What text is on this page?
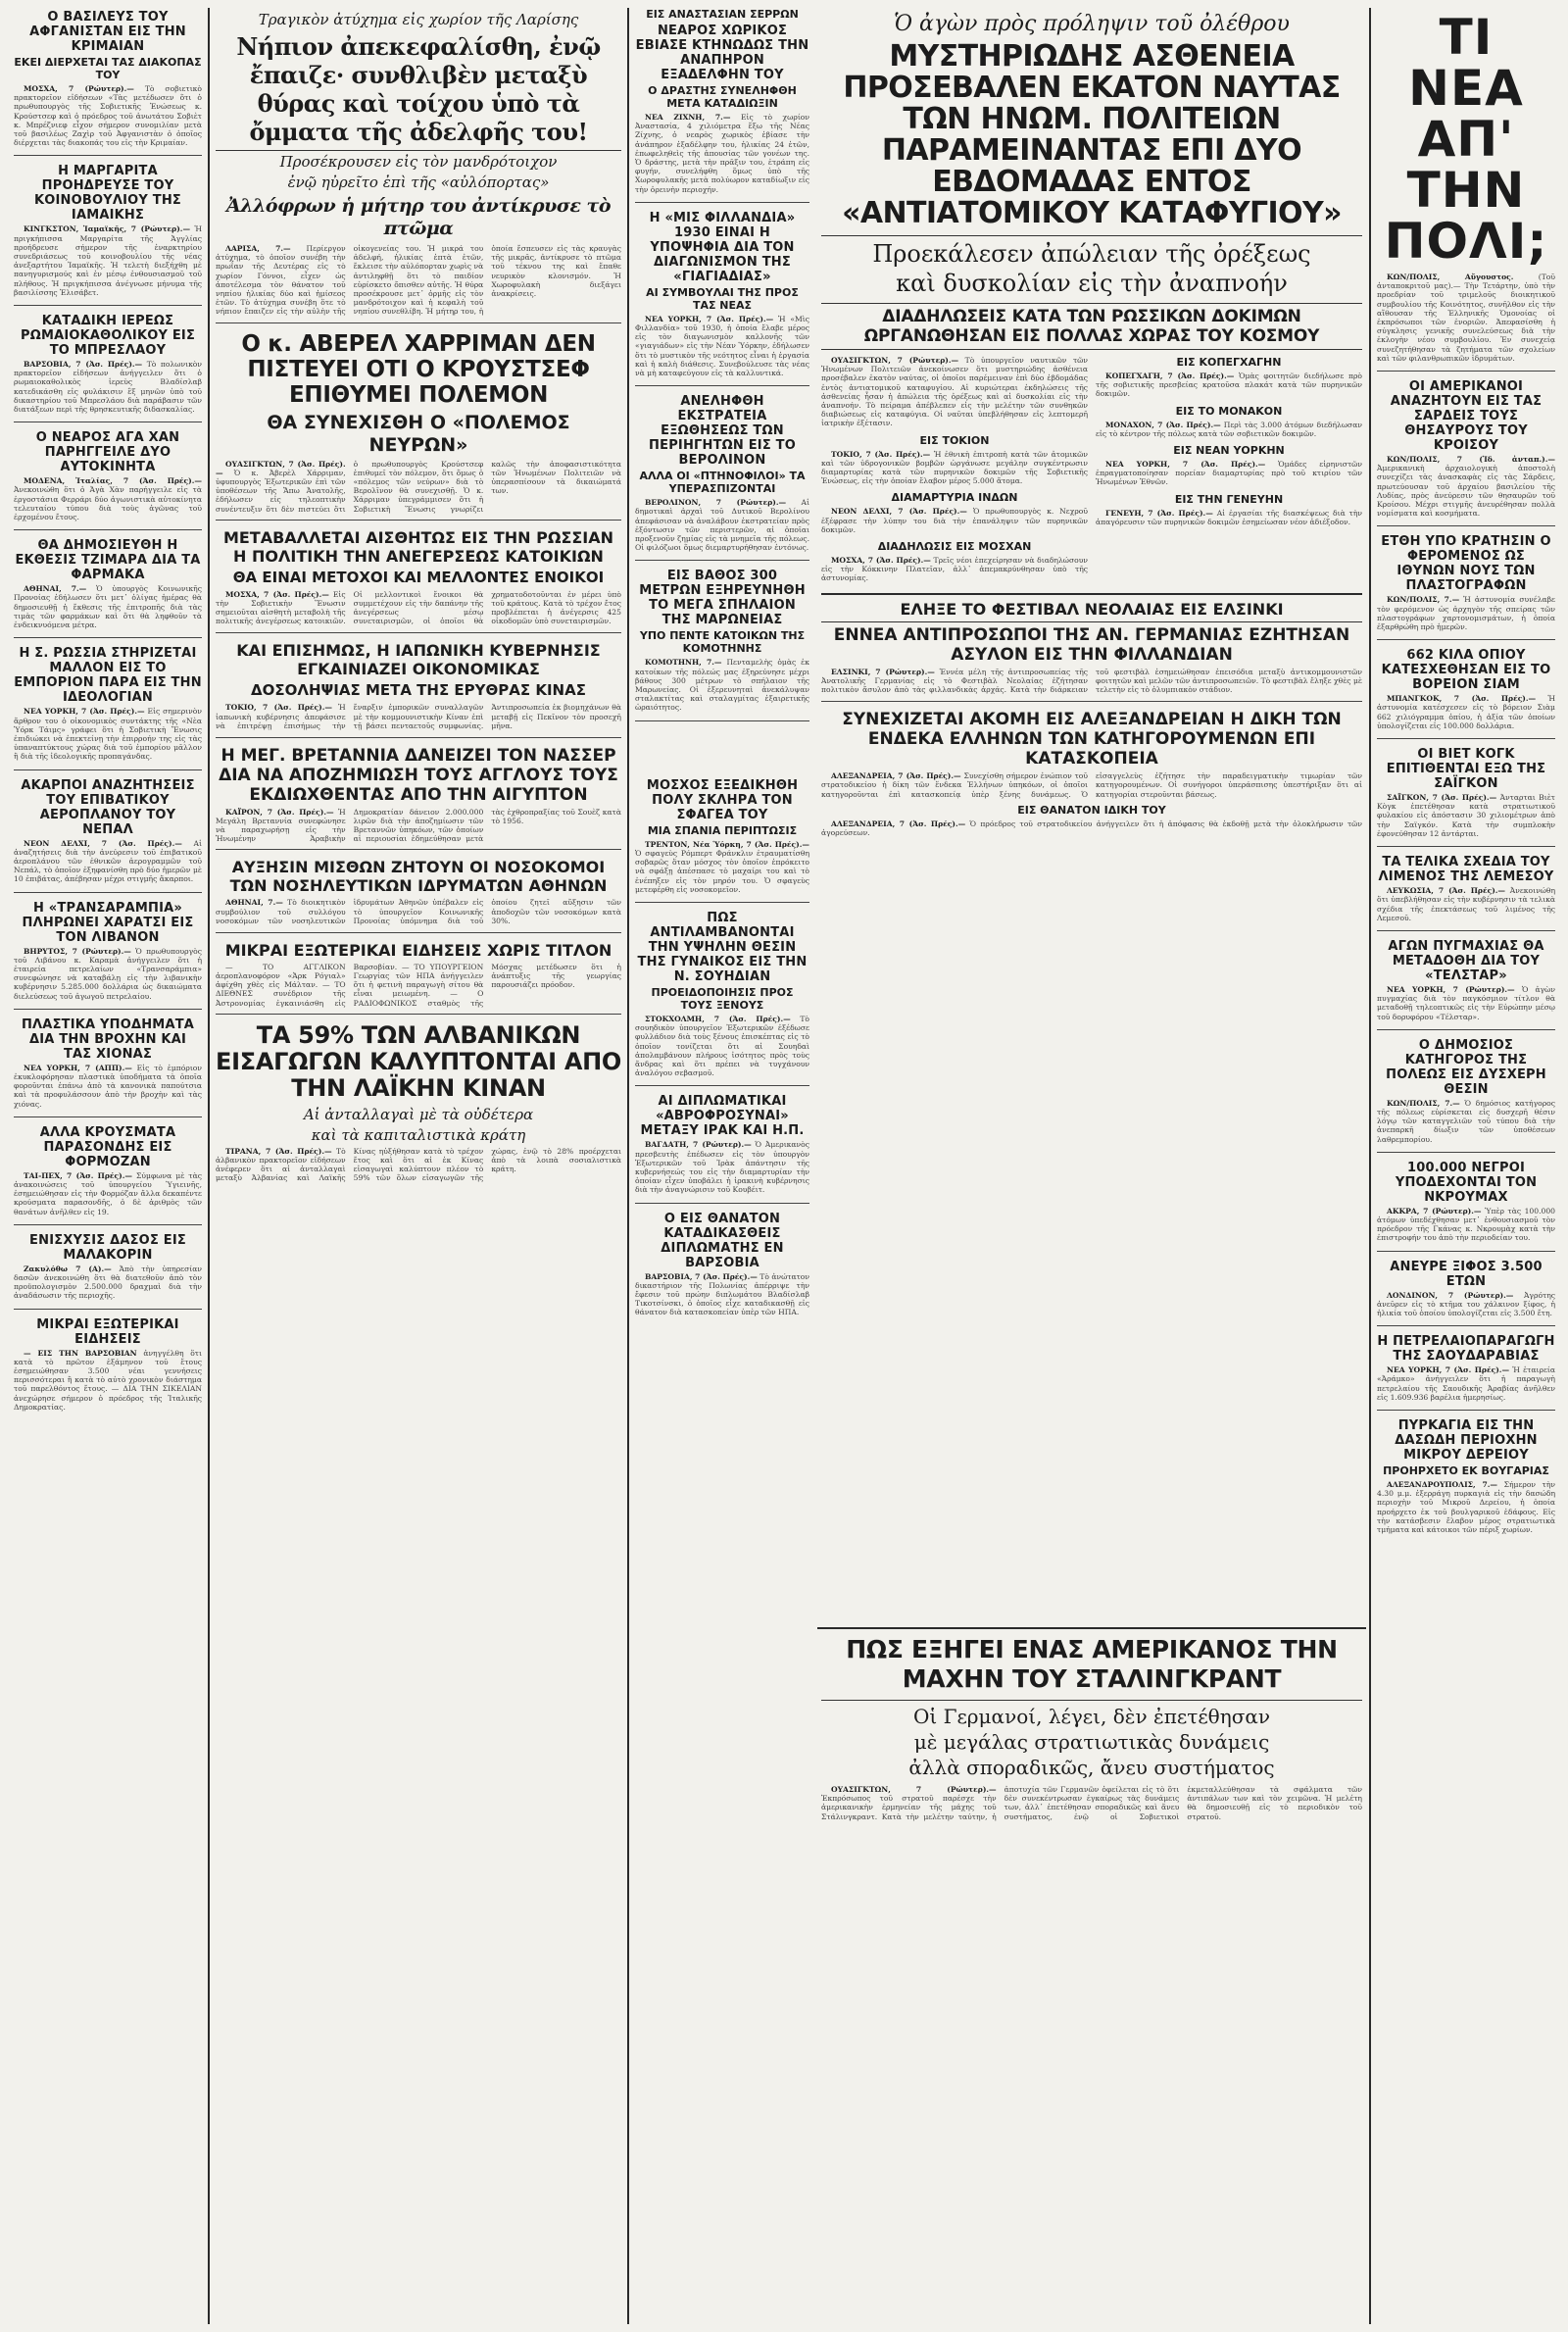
Ο ΒΑΣΙΛΕΥΣ ΤΟΥ ΑΦΓΑΝΙΣΤΑΝ ΕΙΣ ΤΗΝ ΚΡΙΜΑΙΑΝ
ΕΚΕΙ ΔΙΕΡΧΕΤΑΙ ΤΑΣ ΔΙΑΚΟΠΑΣ ΤΟΥ

ΜΟΣΧΑ, 7 (Ρώυτερ).— Τὸ σοβιετικὸ πρακτορεῖον εἰδήσεων «Τὰς μετέδωσεν ὅτι ὁ πρωθυπουργὸς τῆς Σοβιετικῆς Ἑνώσεως κ. Κρούστσεφ καὶ ὁ πρόεδρος τοῦ ἀνωτάτου Σοβιὲτ κ. Μπρέζνιεφ εἶχον σήμερον συνομιλίαν μετὰ τοῦ βασιλέως Ζαχὶρ τοῦ Ἀφγανιστὰν ὁ ὁποῖος διέρχεται τὰς διακοπάς του εἰς τὴν Κριμαίαν.

Η ΜΑΡΓΑΡΙΤΑ ΠΡΟΗΔΡΕΥΣΕ ΤΟΥ ΚΟΙΝΟΒΟΥΛΙΟΥ ΤΗΣ ΙΑΜΑΙΚΗΣ

ΚΙΝΓΚΣΤΟΝ, Ἰαμαϊκῆς, 7 (Ρώυτερ).— Ἡ πριγκήπισσα Μαργαρίτα τῆς Ἀγγλίας προήδρευσε σήμερον τῆς ἐναρκτηρίου συνεδριάσεως τοῦ κοινοβουλίου τῆς νέας ἀνεξαρτήτου Ἰαμαϊκῆς. Ἡ τελετὴ διεξήχθη μὲ πανηγυρισμούς καὶ ἐν μέσῳ ἐνθουσιασμοῦ τοῦ πλήθους. Ἡ πριγκήπισσα ἀνέγνωσε μήνυμα τῆς βασιλίσσης Ἐλισάβετ.

ΚΑΤΑΔΙΚΗ ΙΕΡΕΩΣ ΡΩΜΑΙΟΚΑΘΟΛΙΚΟΥ ΕΙΣ ΤΟ ΜΠΡΕΣΛΑΟΥ

ΒΑΡΣΟΒΙΑ, 7 (Ἀσ. Πρές).— Τὸ πολωνικὸν πρακτορεῖον εἰδήσεων ἀνήγγειλεν ὅτι ὁ ρωμαιοκαθολικὸς ἱερεὺς Βλαδίσλαβ κατεδικάσθη εἰς φυλάκισιν ἓξ μηνῶν ὑπὸ τοῦ δικαστηρίου τοῦ Μπρεσλάου διὰ παράβασιν τῶν διατάξεων περὶ τῆς θρησκευτικῆς διδασκαλίας.

Ο ΝΕΑΡΟΣ ΑΓΑ ΧΑΝ ΠΑΡΗΓΓΕΙΛΕ ΔΥΟ ΑΥΤΟΚΙΝΗΤΑ

ΜΟΔΕΝΑ, Ἰταλίας, 7 (Ἀσ. Πρές).— Ἀνεκοινώθη ὅτι ὁ Ἀγὰ Χὰν παρήγγειλε εἰς τὰ ἐργοστάσια Φερράρι δύο ἀγωνιστικὰ αὐτοκίνητα τελευταίου τύπου διὰ τοὺς ἀγῶνας τοῦ ἐρχομένου ἔτους.

ΘΑ ΔΗΜΟΣΙΕΥΘΗ Η ΕΚΘΕΣΙΣ ΤΖΙΜΑΡΑ ΔΙΑ ΤΑ ΦΑΡΜΑΚΑ

ΑΘΗΝΑΙ, 7.— Ὁ ὑπουργὸς Κοινωνικῆς Προνοίας ἐδήλωσεν ὅτι μετ᾽ ὀλίγας ἡμέρας θὰ δημοσιευθῇ ἡ ἔκθεσις τῆς ἐπιτροπῆς διὰ τὰς τιμὰς τῶν φαρμάκων καὶ ὅτι θὰ ληφθοῦν τὰ ἐνδεικνυόμενα μέτρα.

Η Σ. ΡΩΣΣΙΑ ΣΤΗΡΙΖΕΤΑΙ ΜΑΛΛΟΝ ΕΙΣ ΤΟ ΕΜΠΟΡΙΟΝ ΠΑΡΑ ΕΙΣ ΤΗΝ ΙΔΕΟΛΟΓΙΑΝ

ΝΕΑ ΥΟΡΚΗ, 7 (Ἀσ. Πρές).— Εἰς σημερινὸν ἄρθρον του ὁ οἰκονομικὸς συντάκτης τῆς «Νὲα Ὑόρκ Τάιμς» γράφει ὅτι ἡ Σοβιετικὴ Ἕνωσις ἐπιδιώκει νὰ ἐπεκτείνῃ τὴν ἐπιρροήν της εἰς τὰς ὑπαναπτύκτους χώρας διὰ τοῦ ἐμπορίου μᾶλλον ἢ διὰ τῆς ἰδεολογικῆς προπαγάνδας.

ΑΚΑΡΠΟΙ ΑΝΑΖΗΤΗΣΕΙΣ ΤΟΥ ΕΠΙΒΑΤΙΚΟΥ ΑΕΡΟΠΛΑΝΟΥ ΤΟΥ ΝΕΠΑΛ

ΝΕΟΝ ΔΕΛΧΙ, 7 (Ἀσ. Πρές).— Αἱ ἀναζητήσεις διὰ τὴν ἀνεύρεσιν τοῦ ἐπιβατικοῦ ἀεροπλάνου τῶν ἐθνικῶν ἀερογραμμῶν τοῦ Νεπάλ, τὸ ὁποῖον ἐξηφανίσθη πρὸ δύο ἡμερῶν μὲ 10 ἐπιβάτας, ἀπέβησαν μέχρι στιγμῆς ἄκαρποι.

Η «ΤΡΑΝΣΑΡΑΜΠΙΑ» ΠΛΗΡΩΝΕΙ ΧΑΡΑΤΣΙ ΕΙΣ ΤΟΝ ΛΙΒΑΝΟΝ

ΒΗΡΥΤΟΣ, 7 (Ρώυτερ).— Ὁ πρωθυπουργὸς τοῦ Λιβάνου κ. Καραμὰ ἀνήγγειλεν ὅτι ἡ ἑταιρεία πετρελαίων «Τρανσαράμπια» συνεφώνησε νὰ καταβάλῃ εἰς τὴν λιβανικὴν κυβέρνησιν 5.285.000 δολλάρια ὡς δικαιώματα διελεύσεως τοῦ ἀγωγοῦ πετρελαίου.

ΠΛΑΣΤΙΚΑ ΥΠΟΔΗΜΑΤΑ ΔΙΑ ΤΗΝ ΒΡΟΧΗΝ ΚΑΙ ΤΑΣ ΧΙΟΝΑΣ

ΝΕΑ ΥΟΡΚΗ, 7 (ΑΠΠ).— Εἰς τὸ ἐμπόριον ἐκυκλοφόρησαν πλαστικὰ ὑποδήματα τὰ ὁποῖα φοροῦνται ἐπάνω ἀπὸ τὰ κανονικὰ παπούτσια καὶ τὰ προφυλάσσουν ἀπὸ τὴν βροχὴν καὶ τὰς χιόνας.

ΑΛΛΑ ΚΡΟΥΣΜΑΤΑ ΠΑΡΑΣΟΝΔΗΣ ΕΙΣ ΦΟΡΜΟΖΑΝ

ΤΑΙ-ΠΕΧ, 7 (Ἀσ. Πρές).— Σύμφωνα μὲ τὰς ἀνακοινώσεις τοῦ ὑπουργείου Ὑγιεινῆς, ἐσημειώθησαν εἰς τὴν Φορμόζαν ἄλλα δεκαπέντε κρούσματα παρασονδῆς, ὁ δὲ ἀριθμὸς τῶν θανάτων ἀνῆλθεν εἰς 19.

ΕΝΙΣΧΥΣΙΣ ΔΑΣΟΣ ΕΙΣ ΜΑΛΑΚΟΡΙΝ

Ζακυλόθω 7 (Α).— Ἀπὸ τὴν ὑπηρεσίαν δασῶν ἀνεκοινώθη ὅτι θὰ διατεθοῦν ἀπὸ τὸν προϋπολογισμὸν 2.500.000 δραχμαὶ διὰ τὴν ἀναδάσωσιν τῆς περιοχῆς.

ΜΙΚΡΑΙ ΕΞΩΤΕΡΙΚΑΙ ΕΙΔΗΣΕΙΣ

— ΕΙΣ ΤΗΝ ΒΑΡΣΟΒΙΑΝ ἀνηγγέλθη ὅτι κατὰ τὸ πρῶτον ἑξάμηνον τοῦ ἔτους ἐσημειώθησαν 3.500 νέαι γεννήσεις περισσότεραι ἢ κατὰ τὸ αὐτὸ χρονικὸν διάστημα τοῦ παρελθόντος ἔτους. — ΔΙΑ ΤΗΝ ΣΙΚΕΛΙΑΝ ἀνεχώρησε σήμερον ὁ πρόεδρος τῆς Ἰταλικῆς Δημοκρατίας.

Τραγικὸν ἀτύχημα εἰς χωρίον τῆς Λαρίσης
Νήπιον ἀπεκεφαλίσθη, ἐνῷ ἔπαιζε· συνθλιβὲν μεταξὺ θύρας καὶ τοίχου ὑπὸ τὰ ὄμματα τῆς ἀδελφῆς του!
Προσέκρουσεν εἰς τὸν μανδρότοιχον
ἐνῷ ηὐρεῖτο ἐπὶ τῆς «αὐλόπορτας»
Ἀλλόφρων ἡ μήτηρ του ἀντίκρυσε τὸ πτῶμα

ΛΑΡΙΣΑ, 7.— Περίεργον ἀτύχημα, τὸ ὁποῖον συνέβη τὴν πρωΐαν τῆς Δευτέρας εἰς τὸ χωρίον Γόννοι, εἶχεν ὡς ἀποτέλεσμα τὸν θάνατον τοῦ νηπίου ἡλικίας δύο καὶ ἡμίσεος ἐτῶν. Τὸ ἀτύχημα συνέβη ὅτε τὸ νήπιον ἔπαιζεν εἰς τὴν αὐλὴν τῆς οἰκογενείας του. Ἡ μικρά του ἀδελφή, ἡλικίας ἑπτὰ ἐτῶν, ἔκλεισε τὴν αὐλόπορταν χωρὶς νὰ ἀντιληφθῇ ὅτι τὸ παιδίον εὑρίσκετο ὄπισθεν αὐτῆς. Ἡ θύρα προσέκρουσε μετ᾽ ὁρμῆς εἰς τὸν μανδρότοιχον καὶ ἡ κεφαλὴ τοῦ νηπίου συνεθλίβη. Ἡ μήτηρ του, ἡ ὁποία ἔσπευσεν εἰς τὰς κραυγὰς τῆς μικρᾶς, ἀντίκρυσε τὸ πτῶμα τοῦ τέκνου της καὶ ἔπαθε νευρικὸν κλονισμόν. Ἡ Χωροφυλακὴ διεξάγει ἀνακρίσεις.

Ο κ. ΑΒΕΡΕΛ ΧΑΡΡΙΜΑΝ ΔΕΝ ΠΙΣΤΕΥΕΙ ΟΤΙ Ο ΚΡΟΥΣΤΣΕΦ ΕΠΙΘΥΜΕΙ ΠΟΛΕΜΟΝ
ΘΑ ΣΥΝΕΧΙΣΘΗ Ο «ΠΟΛΕΜΟΣ ΝΕΥΡΩΝ»

ΟΥΑΣΙΓΚΤΩΝ, 7 (Ἀσ. Πρές).— Ὁ κ. Ἀβερὲλ Χάρριμαν, ὑφυπουργὸς Ἐξωτερικῶν ἐπὶ τῶν ὑποθέσεων τῆς Ἄπω Ἀνατολῆς, ἐδήλωσεν εἰς τηλεοπτικὴν συνέντευξιν ὅτι δὲν πιστεύει ὅτι ὁ πρωθυπουργὸς Κρούστσεφ ἐπιθυμεῖ τὸν πόλεμον, ὅτι ὅμως ὁ «πόλεμος τῶν νεύρων» διὰ τὸ Βερολῖνον θὰ συνεχισθῇ. Ὁ κ. Χάρριμαν ὑπεγράμμισεν ὅτι ἡ Σοβιετικὴ Ἕνωσις γνωρίζει καλῶς τὴν ἀποφασιστικότητα τῶν Ἡνωμένων Πολιτειῶν νὰ ὑπερασπίσουν τὰ δικαιώματά των.

ΜΕΤΑΒΑΛΛΕΤΑΙ ΑΙΣΘΗΤΩΣ ΕΙΣ ΤΗΝ ΡΩΣΣΙΑΝ Η ΠΟΛΙΤΙΚΗ ΤΗΝ ΑΝΕΓΕΡΣΕΩΣ ΚΑΤΟΙΚΙΩΝ
ΘΑ ΕΙΝΑΙ ΜΕΤΟΧΟΙ ΚΑΙ ΜΕΛΛΟΝΤΕΣ ΕΝΟΙΚΟΙ

ΜΟΣΧΑ, 7 (Ἀσ. Πρές).— Εἰς τὴν Σοβιετικὴν Ἕνωσιν σημειοῦται αἰσθητὴ μεταβολὴ τῆς πολιτικῆς ἀνεγέρσεως κατοικιῶν. Οἱ μελλοντικοὶ ἔνοικοι θὰ συμμετέχουν εἰς τὴν δαπάνην τῆς ἀνεγέρσεως μέσῳ συνεταιρισμῶν, οἱ ὁποῖοι θὰ χρηματοδοτοῦνται ἐν μέρει ὑπὸ τοῦ κράτους. Κατὰ τὸ τρέχον ἔτος προβλέπεται ἡ ἀνέγερσις 425 οἰκοδομῶν ὑπὸ συνεταιρισμῶν.

ΚΑΙ ΕΠΙΣΗΜΩΣ, Η ΙΑΠΩΝΙΚΗ ΚΥΒΕΡΝΗΣΙΣ ΕΓΚΑΙΝΙΑΖΕΙ ΟΙΚΟΝΟΜΙΚΑΣ
ΔΟΣΟΛΗΨΙΑΣ ΜΕΤΑ ΤΗΣ ΕΡΥΘΡΑΣ ΚΙΝΑΣ

ΤΟΚΙΟ, 7 (Ἀσ. Πρές).— Ἡ ἰαπωνικὴ κυβέρνησις ἀπεφάσισε νὰ ἐπιτρέψῃ ἐπισήμως τὴν ἔναρξιν ἐμπορικῶν συναλλαγῶν μὲ τὴν κομμουνιστικὴν Κίναν ἐπὶ τῇ βάσει πενταετοῦς συμφωνίας. Ἀντιπροσωπεία ἐκ βιομηχάνων θὰ μεταβῇ εἰς Πεκῖνον τὸν προσεχῆ μῆνα.

Η ΜΕΓ. ΒΡΕΤΑΝΝΙΑ ΔΑΝΕΙΖΕΙ ΤΟΝ ΝΑΣΣΕΡ ΔΙΑ ΝΑ ΑΠΟΖΗΜΙΩΣΗ ΤΟΥΣ ΑΓΓΛΟΥΣ ΤΟΥΣ ΕΚΔΙΩΧΘΕΝΤΑΣ ΑΠΟ ΤΗΝ ΑΙΓΥΠΤΟΝ

ΚΑΪΡΟΝ, 7 (Ἀσ. Πρές).— Ἡ Μεγάλη Βρεταννία συνεφώνησε νὰ παραχωρήσῃ εἰς τὴν Ἡνωμένην Ἀραβικὴν Δημοκρατίαν δάνειον 2.000.000 λιρῶν διὰ τὴν ἀποζημίωσιν τῶν Βρεταννῶν ὑπηκόων, τῶν ὁποίων αἱ περιουσίαι ἐδημεύθησαν μετὰ τὰς ἐχθροπραξίας τοῦ Σουὲζ κατὰ τὸ 1956.

ΑΥΞΗΣΙΝ ΜΙΣΘΩΝ ΖΗΤΟΥΝ ΟΙ ΝΟΣΟΚΟΜΟΙ ΤΩΝ ΝΟΣΗΛΕΥΤΙΚΩΝ ΙΔΡΥΜΑΤΩΝ ΑΘΗΝΩΝ

ΑΘΗΝΑΙ, 7.— Τὸ διοικητικὸν συμβούλιον τοῦ συλλόγου νοσοκόμων τῶν νοσηλευτικῶν ἱδρυμάτων Ἀθηνῶν ὑπέβαλεν εἰς τὸ ὑπουργεῖον Κοινωνικῆς Προνοίας ὑπόμνημα διὰ τοῦ ὁποίου ζητεῖ αὔξησιν τῶν ἀποδοχῶν τῶν νοσοκόμων κατὰ 30%.

ΜΙΚΡΑΙ ΕΞΩΤΕΡΙΚΑΙ ΕΙΔΗΣΕΙΣ ΧΩΡΙΣ ΤΙΤΛΟΝ

— ΤΟ ΑΓΓΛΙΚΟΝ ἀεροπλανοφόρον «Ἀρκ Ρόγιαλ» ἀφίχθη χθὲς εἰς Μάλταν. — ΤΟ ΔΙΕΘΝΕΣ συνέδριον τῆς Ἀστρονομίας ἐγκαινιάσθη εἰς Βαρσοβίαν. — ΤΟ ΥΠΟΥΡΓΕΙΟΝ Γεωργίας τῶν ΗΠΑ ἀνήγγειλεν ὅτι ἡ φετινὴ παραγωγὴ σίτου θὰ εἶναι μειωμένη. — Ο ΡΑΔΙΟΦΩΝΙΚΟΣ σταθμὸς τῆς Μόσχας μετέδωσεν ὅτι ἡ ἀνάπτυξις τῆς γεωργίας παρουσιάζει πρόοδον.

ΤΑ 59% ΤΩΝ ΑΛΒΑΝΙΚΩΝ ΕΙΣΑΓΩΓΩΝ ΚΑΛΥΠΤΟΝΤΑΙ ΑΠΟ ΤΗΝ ΛΑΪΚΗΝ ΚΙΝΑΝ
Αἱ ἀνταλλαγαὶ μὲ τὰ οὐδέτερα
καὶ τὰ καπιταλιστικὰ κράτη

ΤΙΡΑΝΑ, 7 (Ἀσ. Πρές).— Τὸ ἀλβανικὸν πρακτορεῖον εἰδήσεων ἀνέφερεν ὅτι αἱ ἀνταλλαγαὶ μεταξὺ Ἀλβανίας καὶ Λαϊκῆς Κίνας ηὐξήθησαν κατὰ τὸ τρέχον ἔτος καὶ ὅτι αἱ ἐκ Κίνας εἰσαγωγαὶ καλύπτουν πλέον τὸ 59% τῶν ὅλων εἰσαγωγῶν τῆς χώρας, ἐνῷ τὸ 28% προέρχεται ἀπὸ τὰ λοιπὰ σοσιαλιστικὰ κράτη.

ΕΙΣ ΑΝΑΣΤΑΣΙΑΝ ΣΕΡΡΩΝ
ΝΕΑΡΟΣ ΧΩΡΙΚΟΣ ΕΒΙΑΣΕ ΚΤΗΝΩΔΩΣ ΤΗΝ ΑΝΑΠΗΡΟΝ ΕΞΑΔΕΛΦΗΝ ΤΟΥ
Ο ΔΡΑΣΤΗΣ ΣΥΝΕΛΗΦΘΗ ΜΕΤΑ ΚΑΤΑΔΙΩΞΙΝ

ΝΕΑ ΖΙΧΝΗ, 7.— Εἰς τὸ χωρίον Ἀναστασία, 4 χιλιόμετρα ἔξω τῆς Νέας Ζίχνης, ὁ νεαρὸς χωρικὸς ἐβίασε τὴν ἀνάπηρον ἐξαδέλφην του, ἡλικίας 24 ἐτῶν, ἐπωφεληθεὶς τῆς ἀπουσίας τῶν γονέων της. Ὁ δράστης, μετὰ τὴν πρᾶξιν του, ἐτράπη εἰς φυγήν, συνελήφθη ὅμως ὑπὸ τῆς Χωροφυλακῆς μετὰ πολύωρον καταδίωξιν εἰς τὴν ὀρεινὴν περιοχήν.

Η «ΜΙΣ ΦΙΛΛΑΝΔΙΑ» 1930 ΕΙΝΑΙ Η ΥΠΟΨΗΦΙΑ ΔΙΑ ΤΟΝ ΔΙΑΓΩΝΙΣΜΟΝ ΤΗΣ «ΓΙΑΓΙΑΔΙΑΣ»
ΑΙ ΣΥΜΒΟΥΛΑΙ ΤΗΣ ΠΡΟΣ ΤΑΣ ΝΕΑΣ

ΝΕΑ ΥΟΡΚΗ, 7 (Ἀσ. Πρές).— Ἡ «Μὶς Φιλλανδία» τοῦ 1930, ἡ ὁποία ἔλαβε μέρος εἰς τὸν διαγωνισμὸν καλλονῆς τῶν «γιαγιάδων» εἰς τὴν Νέαν Ὑόρκην, ἐδήλωσεν ὅτι τὸ μυστικὸν τῆς νεότητος εἶναι ἡ ἐργασία καὶ ἡ καλὴ διάθεσις. Συνεβούλευσε τὰς νέας νὰ μὴ καταφεύγουν εἰς τὰ καλλυντικά.

ΑΝΕΛΗΦΘΗ ΕΚΣΤΡΑΤΕΙΑ ΕΞΩΘΗΣΕΩΣ ΤΩΝ ΠΕΡΙΗΓΗΤΩΝ ΕΙΣ ΤΟ ΒΕΡΟΛΙΝΟΝ
ΑΛΛΑ ΟΙ «ΠΤΗΝΟΦΙΛΟΙ» ΤΑ ΥΠΕΡΑΣΠΙΖΟΝΤΑΙ

ΒΕΡΟΛΙΝΟΝ, 7 (Ρώυτερ).— Αἱ δημοτικαὶ ἀρχαὶ τοῦ Δυτικοῦ Βερολίνου ἀπεφάσισαν νὰ ἀναλάβουν ἐκστρατείαν πρὸς ἐξόντωσιν τῶν περιστερῶν, αἱ ὁποῖαι προξενοῦν ζημίας εἰς τὰ μνημεῖα τῆς πόλεως. Οἱ φιλόζωοι ὅμως διεμαρτυρήθησαν ἐντόνως.

ΕΙΣ ΒΑΘΟΣ 300 ΜΕΤΡΩΝ ΕΞΗΡΕΥΝΗΘΗ ΤΟ ΜΕΓΑ ΣΠΗΛΑΙΟΝ ΤΗΣ ΜΑΡΩΝΕΙΑΣ
ΥΠΟ ΠΕΝΤΕ ΚΑΤΟΙΚΩΝ ΤΗΣ ΚΟΜΟΤΗΝΗΣ

ΚΟΜΟΤΗΝΗ, 7.— Πενταμελὴς ὁμὰς ἐκ κατοίκων τῆς πόλεώς μας ἐξηρεύνησε μέχρι βάθους 300 μέτρων τὸ σπήλαιον τῆς Μαρωνείας. Οἱ ἐξερευνηταὶ ἀνεκάλυψαν σταλακτίτας καὶ σταλαγμίτας ἐξαιρετικῆς ὡραιότητος.

ΜΟΣΧΟΣ ΕΞΕΔΙΚΗΘΗ ΠΟΛΥ ΣΚΛΗΡΑ ΤΟΝ ΣΦΑΓΕΑ ΤΟΥ
ΜΙΑ ΣΠΑΝΙΑ ΠΕΡΙΠΤΩΣΙΣ

ΤΡΕΝΤΟΝ, Νέα Ὑόρκη, 7 (Ἀσ. Πρές).— Ὁ σφαγεὺς Ρόμπερτ Φράνκλιν ἐτραυματίσθη σοβαρῶς ὅταν μόσχος τὸν ὁποῖον ἐπρόκειτο νὰ σφάξῃ ἀπέσπασε τὸ μαχαίρι του καὶ τὸ ἐνέπηξεν εἰς τὸν μηρόν του. Ὁ σφαγεὺς μετεφέρθη εἰς νοσοκομεῖον.

ΠΩΣ ΑΝΤΙΛΑΜΒΑΝΟΝΤΑΙ ΤΗΝ ΥΨΗΛΗΝ ΘΕΣΙΝ ΤΗΣ ΓΥΝΑΙΚΟΣ ΕΙΣ ΤΗΝ Ν. ΣΟΥΗΔΙΑΝ
ΠΡΟΕΙΔΟΠΟΙΗΣΙΣ ΠΡΟΣ ΤΟΥΣ ΞΕΝΟΥΣ

ΣΤΟΚΧΟΛΜΗ, 7 (Ἀσ. Πρές).— Τὸ σουηδικὸν ὑπουργεῖον Ἐξωτερικῶν ἐξέδωσε φυλλάδιον διὰ τοὺς ξένους ἐπισκέπτας εἰς τὸ ὁποῖον τονίζεται ὅτι αἱ Σουηδαὶ ἀπολαμβάνουν πλήρους ἰσότητος πρὸς τοὺς ἄνδρας καὶ ὅτι πρέπει νὰ τυγχάνουν ἀναλόγου σεβασμοῦ.

ΑΙ ΔΙΠΛΩΜΑΤΙΚΑΙ «ΑΒΡΟΦΡΟΣΥΝΑΙ» ΜΕΤΑΞΥ ΙΡΑΚ ΚΑΙ Η.Π.

ΒΑΓΔΑΤΗ, 7 (Ρώυτερ).— Ὁ Ἀμερικανὸς πρεσβευτὴς ἐπέδωσεν εἰς τὸν ὑπουργὸν Ἐξωτερικῶν τοῦ Ἰρὰκ ἀπάντησιν τῆς κυβερνήσεώς του εἰς τὴν διαμαρτυρίαν τὴν ὁποίαν εἶχεν ὑποβάλει ἡ ἰρακινὴ κυβέρνησις διὰ τὴν ἀναγνώρισιν τοῦ Κουβέιτ.

Ο ΕΙΣ ΘΑΝΑΤΟΝ ΚΑΤΑΔΙΚΑΣΘΕΙΣ ΔΙΠΛΩΜΑΤΗΣ ΕΝ ΒΑΡΣΟΒΙΑ

ΒΑΡΣΟΒΙΑ, 7 (Ἀσ. Πρές).— Τὸ ἀνώτατον δικαστήριον τῆς Πολωνίας ἀπέρριψε τὴν ἔφεσιν τοῦ πρώην διπλωμάτου Βλαδίσλαβ Τικοτσίνσκι, ὁ ὁποῖος εἶχε καταδικασθῇ εἰς θάνατον διὰ κατασκοπείαν ὑπὲρ τῶν ΗΠΑ.

Ὁ ἀγὼν πρὸς πρόληψιν τοῦ ὀλέθρου
ΜΥΣΤΗΡΙΩΔΗΣ ΑΣΘΕΝΕΙΑ ΠΡΟΣΕΒΑΛΕΝ ΕΚΑΤΟΝ ΝΑΥΤΑΣ ΤΩΝ ΗΝΩΜ. ΠΟΛΙΤΕΙΩΝ ΠΑΡΑΜΕΙΝΑΝΤΑΣ ΕΠΙ ΔΥΟ ΕΒΔΟΜΑΔΑΣ ΕΝΤΟΣ «ΑΝΤΙΑΤΟΜΙΚΟΥ ΚΑΤΑΦΥΓΙΟΥ»
Προεκάλεσεν ἀπώλειαν τῆς ὀρέξεως
καὶ δυσκολίαν εἰς τὴν ἀναπνοήν
ΔΙΑΔΗΛΩΣΕΙΣ ΚΑΤΑ ΤΩΝ ΡΩΣΣΙΚΩΝ ΔΟΚΙΜΩΝ ΩΡΓΑΝΩΘΗΣΑΝ ΕΙΣ ΠΟΛΛΑΣ ΧΩΡΑΣ ΤΟΥ ΚΟΣΜΟΥ

ΟΥΑΣΙΓΚΤΩΝ, 7 (Ρώυτερ).— Τὸ ὑπουργεῖον ναυτικῶν τῶν Ἡνωμένων Πολιτειῶν ἀνεκοίνωσεν ὅτι μυστηριώδης ἀσθένεια προσέβαλεν ἑκατὸν ναύτας, οἱ ὁποῖοι παρέμειναν ἐπὶ δύο ἑβδομάδας ἐντὸς ἀντιατομικοῦ καταφυγίου. Αἱ κυριώτεραι ἐκδηλώσεις τῆς ἀσθενείας ἦσαν ἡ ἀπώλεια τῆς ὀρέξεως καὶ αἱ δυσκολίαι εἰς τὴν ἀναπνοήν. Τὸ πείραμα ἀπέβλεπεν εἰς τὴν μελέτην τῶν συνθηκῶν διαβιώσεως εἰς καταφύγια. Οἱ ναῦται ὑπεβλήθησαν εἰς λεπτομερῆ ἰατρικὴν ἐξέτασιν.

ΕΙΣ ΤΟΚΙΟΝ

ΤΟΚΙΟ, 7 (Ἀσ. Πρές).— Ἡ ἐθνικὴ ἐπιτροπὴ κατὰ τῶν ἀτομικῶν καὶ τῶν ὑδρογονικῶν βομβῶν ὠργάνωσε μεγάλην συγκέντρωσιν διαμαρτυρίας κατὰ τῶν πυρηνικῶν δοκιμῶν τῆς Σοβιετικῆς Ἑνώσεως, εἰς τὴν ὁποίαν ἔλαβον μέρος 5.000 ἄτομα.

ΔΙΑΜΑΡΤΥΡΙΑ ΙΝΔΩΝ

ΝΕΟΝ ΔΕΛΧΙ, 7 (Ἀσ. Πρές).— Ὁ πρωθυπουργὸς κ. Νεχροῦ ἐξέφρασε τὴν λύπην του διὰ τὴν ἐπανάληψιν τῶν πυρηνικῶν δοκιμῶν.

ΔΙΑΔΗΛΩΣΙΣ ΕΙΣ ΜΟΣΧΑΝ

ΜΟΣΧΑ, 7 (Ἀσ. Πρές).— Τρεῖς νέοι ἐπεχείρησαν νὰ διαδηλώσουν εἰς τὴν Κόκκινην Πλατεῖαν, ἀλλ᾽ ἀπεμακρύνθησαν ὑπὸ τῆς ἀστυνομίας.

ΕΙΣ ΚΟΠΕΓΧΑΓΗΝ

ΚΟΠΕΓΧΑΓΗ, 7 (Ἀσ. Πρές).— Ὁμὰς φοιτητῶν διεδήλωσε πρὸ τῆς σοβιετικῆς πρεσβείας κρατοῦσα πλακάτ κατὰ τῶν πυρηνικῶν δοκιμῶν.

ΕΙΣ ΤΟ ΜΟΝΑΚΟΝ

ΜΟΝΑΧΟΝ, 7 (Ἀσ. Πρές).— Περὶ τὰς 3.000 ἀτόμων διεδήλωσαν εἰς τὸ κέντρον τῆς πόλεως κατὰ τῶν σοβιετικῶν δοκιμῶν.

ΕΙΣ ΝΕΑΝ ΥΟΡΚΗΝ

ΝΕΑ ΥΟΡΚΗ, 7 (Ἀσ. Πρές).— Ὁμάδες εἰρηνιστῶν ἐπραγματοποίησαν πορείαν διαμαρτυρίας πρὸ τοῦ κτιρίου τῶν Ἡνωμένων Ἐθνῶν.

ΕΙΣ ΤΗΝ ΓΕΝΕΥΗΝ

ΓΕΝΕΥΗ, 7 (Ἀσ. Πρές).— Αἱ ἐργασίαι τῆς διασκέψεως διὰ τὴν ἀπαγόρευσιν τῶν πυρηνικῶν δοκιμῶν ἐσημείωσαν νέον ἀδιέξοδον.

ΕΛΗΞΕ ΤΟ ΦΕΣΤΙΒΑΛ ΝΕΟΛΑΙΑΣ ΕΙΣ ΕΛΣΙΝΚΙ
ΕΝΝΕΑ ΑΝΤΙΠΡΟΣΩΠΟΙ ΤΗΣ ΑΝ. ΓΕΡΜΑΝΙΑΣ ΕΖΗΤΗΣΑΝ ΑΣΥΛΟΝ ΕΙΣ ΤΗΝ ΦΙΛΛΑΝΔΙΑΝ

ΕΛΣΙΝΚΙ, 7 (Ρώυτερ).— Ἐννέα μέλη τῆς ἀντιπροσωπείας τῆς Ἀνατολικῆς Γερμανίας εἰς τὸ Φεστιβὰλ Νεολαίας ἐζήτησαν πολιτικὸν ἄσυλον ἀπὸ τὰς φιλλανδικὰς ἀρχάς. Κατὰ τὴν διάρκειαν τοῦ φεστιβὰλ ἐσημειώθησαν ἐπεισόδια μεταξὺ ἀντικομμουνιστῶν φοιτητῶν καὶ μελῶν τῶν ἀντιπροσωπειῶν. Τὸ φεστιβὰλ ἔληξε χθὲς μὲ τελετὴν εἰς τὸ ὀλυμπιακὸν στάδιον.

ΣΥΝΕΧΙΖΕΤΑΙ ΑΚΟΜΗ ΕΙΣ ΑΛΕΞΑΝΔΡΕΙΑΝ Η ΔΙΚΗ ΤΩΝ ΕΝΔΕΚΑ ΕΛΛΗΝΩΝ ΤΩΝ ΚΑΤΗΓΟΡΟΥΜΕΝΩΝ ΕΠΙ ΚΑΤΑΣΚΟΠΕΙΑ

ΑΛΕΞΑΝΔΡΕΙΑ, 7 (Ἀσ. Πρές).— Συνεχίσθη σήμερον ἐνώπιον τοῦ στρατοδικείου ἡ δίκη τῶν ἕνδεκα Ἑλλήνων ὑπηκόων, οἱ ὁποῖοι κατηγοροῦνται ἐπὶ κατασκοπείᾳ ὑπὲρ ξένης δυνάμεως. Ὁ εἰσαγγελεὺς ἐζήτησε τὴν παραδειγματικὴν τιμωρίαν τῶν κατηγορουμένων. Οἱ συνήγοροι ὑπεράσπισης ὑπεστήριξαν ὅτι αἱ κατηγορίαι στεροῦνται βάσεως.

ΕΙΣ ΘΑΝΑΤΟΝ ΙΔΙΚΗ ΤΟΥ

ΑΛΕΞΑΝΔΡΕΙΑ, 7 (Ἀσ. Πρές).— Ὁ πρόεδρος τοῦ στρατοδικείου ἀνήγγειλεν ὅτι ἡ ἀπόφασις θὰ ἐκδοθῇ μετὰ τὴν ὁλοκλήρωσιν τῶν ἀγορεύσεων.

ΠΩΣ ΕΞΗΓΕΙ ΕΝΑΣ ΑΜΕΡΙΚΑΝΟΣ ΤΗΝ ΜΑΧΗΝ ΤΟΥ ΣΤΑΛΙΝΓΚΡΑΝΤ
Οἱ Γερμανοί, λέγει, δὲν ἐπετέθησαν
μὲ μεγάλας στρατιωτικὰς δυνάμεις
ἀλλὰ σποραδικῶς, ἄνευ συστήματος

ΟΥΑΣΙΓΚΤΩΝ, 7 (Ρώυτερ).— Ἐκπρόσωπος τοῦ στρατοῦ παρέσχε τὴν ἀμερικανικὴν ἑρμηνείαν τῆς μάχης τοῦ Στάλινγκραντ. Κατὰ τὴν μελέτην ταύτην, ἡ ἀποτυχία τῶν Γερμανῶν ὀφείλεται εἰς τὸ ὅτι δὲν συνεκέντρωσαν ἐγκαίρως τὰς δυνάμεις των, ἀλλ᾽ ἐπετέθησαν σποραδικῶς καὶ ἄνευ συστήματος, ἐνῷ οἱ Σοβιετικοὶ ἐκμεταλλεύθησαν τὰ σφάλματα τῶν ἀντιπάλων των καὶ τὸν χειμῶνα. Ἡ μελέτη θὰ δημοσιευθῇ εἰς τὸ περιοδικὸν τοῦ στρατοῦ.

ΤΙ ΝΕΑ ΑΠ' ΤΗΝ ΠΟΛΙ;

ΚΩΝ/ΠΟΛΙΣ, Αὔγουστος.	(Τοῦ ἀνταποκριτοῦ μας).— Τὴν Τετάρτην, ὑπὸ τὴν προεδρίαν τοῦ τριμελοῦς διοικητικοῦ συμβουλίου τῆς Κοινότητος, συνῆλθον εἰς τὴν αἴθουσαν τῆς Ἑλληνικῆς Ὁμονοίας οἱ ἐκπρόσωποι τῶν ἐνοριῶν. Ἀπεφασίσθη ἡ σύγκλησις γενικῆς συνελεύσεως διὰ τὴν ἐκλογὴν νέου συμβουλίου. Ἐν συνεχείᾳ συνεζητήθησαν τὰ ζητήματα τῶν σχολείων καὶ τῶν φιλανθρωπικῶν ἱδρυμάτων.

ΟΙ ΑΜΕΡΙΚΑΝΟΙ ΑΝΑΖΗΤΟΥΝ ΕΙΣ ΤΑΣ ΣΑΡΔΕΙΣ ΤΟΥΣ ΘΗΣΑΥΡΟΥΣ ΤΟΥ ΚΡΟΙΣΟΥ

ΚΩΝ/ΠΟΛΙΣ, 7 (Ἰδ. ἀνταπ.).— Ἀμερικανικὴ ἀρχαιολογικὴ ἀποστολὴ συνεχίζει τὰς ἀνασκαφὰς εἰς τὰς Σάρδεις, πρωτεύουσαν τοῦ ἀρχαίου βασιλείου τῆς Λυδίας, πρὸς ἀνεύρεσιν τῶν θησαυρῶν τοῦ Κροίσου. Μέχρι στιγμῆς ἀνευρέθησαν πολλὰ νομίσματα καὶ κοσμήματα.

ΕΤΘΗ ΥΠΟ ΚΡΑΤΗΣΙΝ Ο ΦΕΡΟΜΕΝΟΣ ΩΣ ΙΘΥΝΩΝ ΝΟΥΣ ΤΩΝ ΠΛΑΣΤΟΓΡΑΦΩΝ

ΚΩΝ/ΠΟΛΙΣ, 7.— Ἡ ἀστυνομία συνέλαβε τὸν φερόμενον ὡς ἀρχηγὸν τῆς σπείρας τῶν πλαστογράφων χαρτονομισμάτων, ἡ ὁποία ἐξαρθρώθη πρὸ ἡμερῶν.

662 ΚΙΛΑ ΟΠΙΟΥ ΚΑΤΕΣΧΕΘΗΣΑΝ ΕΙΣ ΤΟ ΒΟΡΕΙΟΝ ΣΙΑΜ

ΜΠΑΝΓΚΟΚ, 7 (Ἀσ. Πρές).— Ἡ ἀστυνομία κατέσχεσεν εἰς τὸ βόρειον Σιὰμ 662 χιλιόγραμμα ὀπίου, ἡ ἀξία τῶν ὁποίων ὑπολογίζεται εἰς 100.000 δολλάρια.

ΟΙ ΒΙΕΤ ΚΟΓΚ ΕΠΙΤΙΘΕΝΤΑΙ ΕΞΩ ΤΗΣ ΣΑΪΓΚΟΝ

ΣΑΪΓΚΟΝ, 7 (Ἀσ. Πρές).— Ἀνταρται Βιὲτ Κὸγκ ἐπετέθησαν κατὰ στρατιωτικοῦ φυλακίου εἰς ἀπόστασιν 30 χιλιομέτρων ἀπὸ τὴν Σαϊγκόν. Κατὰ τὴν συμπλοκὴν ἐφονεύθησαν 12 ἀντάρται.

ΤΑ ΤΕΛΙΚΑ ΣΧΕΔΙΑ ΤΟΥ ΛΙΜΕΝΟΣ ΤΗΣ ΛΕΜΕΣΟΥ

ΛΕΥΚΩΣΙΑ, 7 (Ἀσ. Πρές).— Ἀνεκοινώθη ὅτι ὑπεβλήθησαν εἰς τὴν κυβέρνησιν τὰ τελικὰ σχέδια τῆς ἐπεκτάσεως τοῦ λιμένος τῆς Λεμεσοῦ.

ΑΓΩΝ ΠΥΓΜΑΧΙΑΣ ΘΑ ΜΕΤΑΔΟΘΗ ΔΙΑ ΤΟΥ «ΤΕΛΣΤΑΡ»

ΝΕΑ ΥΟΡΚΗ, 7 (Ρώυτερ).— Ὁ ἀγὼν πυγμαχίας διὰ τὸν παγκόσμιον τίτλον θὰ μεταδοθῇ τηλεοπτικῶς εἰς τὴν Εὐρώπην μέσῳ τοῦ δορυφόρου «Τέλσταρ».

Ο ΔΗΜΟΣΙΟΣ ΚΑΤΗΓΟΡΟΣ ΤΗΣ ΠΟΛΕΩΣ ΕΙΣ ΔΥΣΧΕΡΗ ΘΕΣΙΝ

ΚΩΝ/ΠΟΛΙΣ, 7.— Ὁ δημόσιος κατήγορος τῆς πόλεως εὑρίσκεται εἰς δυσχερῆ θέσιν λόγῳ τῶν καταγγελιῶν τοῦ τύπου διὰ τὴν ἀνεπαρκῆ δίωξιν τῶν ὑποθέσεων λαθρεμπορίου.

100.000 ΝΕΓΡΟΙ ΥΠΟΔΕΧΟΝΤΑΙ ΤΟΝ ΝΚΡΟΥΜΑΧ

ΑΚΚΡΑ, 7 (Ρώυτερ).— Ὑπὲρ τὰς 100.000 ἀτόμων ὑπεδέχθησαν μετ᾽ ἐνθουσιασμοῦ τὸν πρόεδρον τῆς Γκάνας κ. Νκρουμὰχ κατὰ τὴν ἐπιστροφήν του ἀπὸ τὴν περιοδείαν του.

ΑΝΕΥΡΕ ΞΙΦΟΣ 3.500 ΕΤΩΝ

ΛΟΝΔΙΝΟΝ, 7 (Ρώυτερ).— Ἀγρότης ἀνεῦρεν εἰς τὸ κτῆμα του χάλκινον ξίφος, ἡ ἡλικία τοῦ ὁποίου ὑπολογίζεται εἰς 3.500 ἔτη.

Η ΠΕΤΡΕΛΑΙΟΠΑΡΑΓΩΓΗ ΤΗΣ ΣΑΟΥΔΑΡΑΒΙΑΣ

ΝΕΑ ΥΟΡΚΗ, 7 (Ἀσ. Πρές).— Ἡ ἑταιρεία «Ἀράμκο» ἀνήγγειλεν ὅτι ἡ παραγωγὴ πετρελαίου τῆς Σαουδικῆς Ἀραβίας ἀνῆλθεν εἰς 1.609.936 βαρέλια ἡμερησίως.

ΠΥΡΚΑΓΙΑ ΕΙΣ ΤΗΝ ΔΑΣΩΔΗ ΠΕΡΙΟΧΗΝ ΜΙΚΡΟΥ ΔΕΡΕΙΟΥ
ΠΡΟΗΡΧΕΤΟ ΕΚ ΒΟΥΓΑΡΙΑΣ

ΑΛΕΞΑΝΔΡΟΥΠΟΛΙΣ, 7.— Σήμερον τὴν 4.30 μ.μ. ἐξερράγη πυρκαγιὰ εἰς τὴν δασώδη περιοχὴν τοῦ Μικροῦ Δερείου, ἡ ὁποία προήρχετο ἐκ τοῦ βουλγαρικοῦ ἐδάφους. Εἰς τὴν κατάσβεσιν ἔλαβον μέρος στρατιωτικὰ τμήματα καὶ κάτοικοι τῶν πέριξ χωρίων.
